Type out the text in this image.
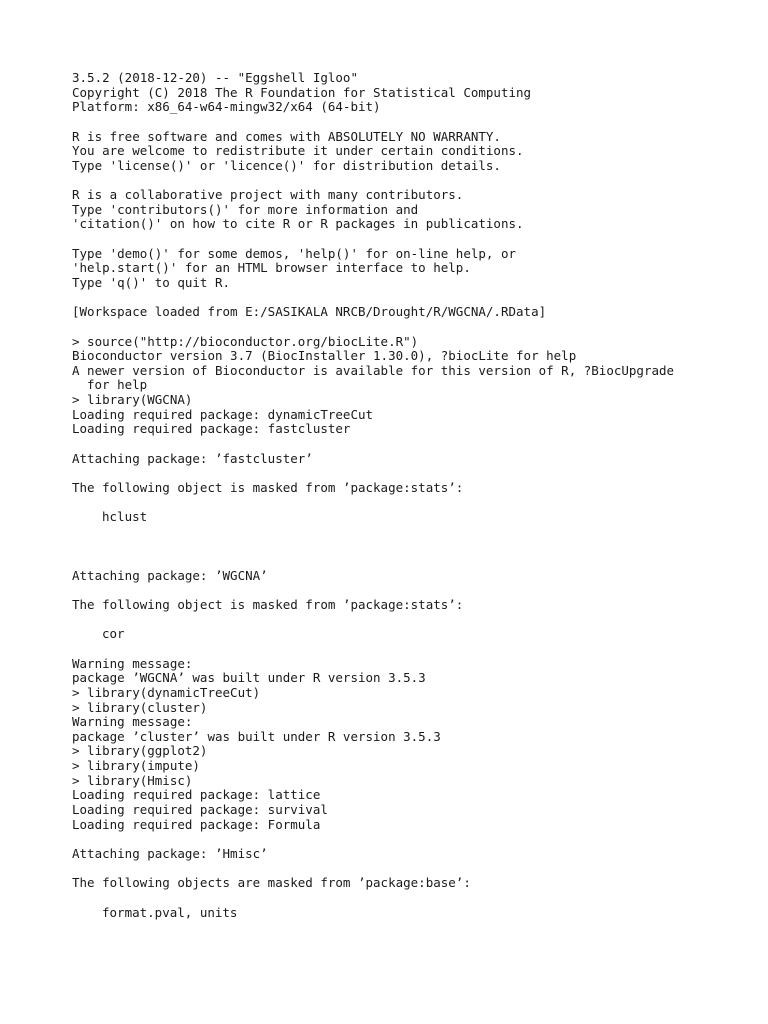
3.5.2 (2018-12-20) -- "Eggshell Igloo"
Copyright (C) 2018 The R Foundation for Statistical Computing
Platform: x86_64-w64-mingw32/x64 (64-bit)
R is free software and comes with ABSOLUTELY NO WARRANTY.
You are welcome to redistribute it under certain conditions.
Type 'license()' or 'licence()' for distribution details.
R is a collaborative project with many contributors.
Type 'contributors()' for more information and
'citation()' on how to cite R or R packages in publications.
Type 'demo()' for some demos, 'help()' for on-line help, or
'help.start()' for an HTML browser interface to help.
Type 'q()' to quit R.
[Workspace loaded from E:/SASIKALA NRCB/Drought/R/WGCNA/.RData]
> source("http://bioconductor.org/biocLite.R")
Bioconductor version 3.7 (BiocInstaller 1.30.0), ?biocLite for help
A newer version of Bioconductor is available for this version of R, ?BiocUpgrade
for help
> library(WGCNA)
Loading required package: dynamicTreeCut
Loading required package: fastcluster
Attaching package: ’fastcluster’
The following object is masked from ’package:stats’:
hclust
Attaching package: ’WGCNA’
The following object is masked from ’package:stats’:
cor
Warning message:
package ’WGCNA’ was built under R version 3.5.3
> library(dynamicTreeCut)
> library(cluster)
Warning message:
package ’cluster’ was built under R version 3.5.3
> library(ggplot2)
> library(impute)
> library(Hmisc)
Loading required package: lattice
Loading required package: survival
Loading required package: Formula
Attaching package: ’Hmisc’
The following objects are masked from ’package:base’:
format.pval, units
